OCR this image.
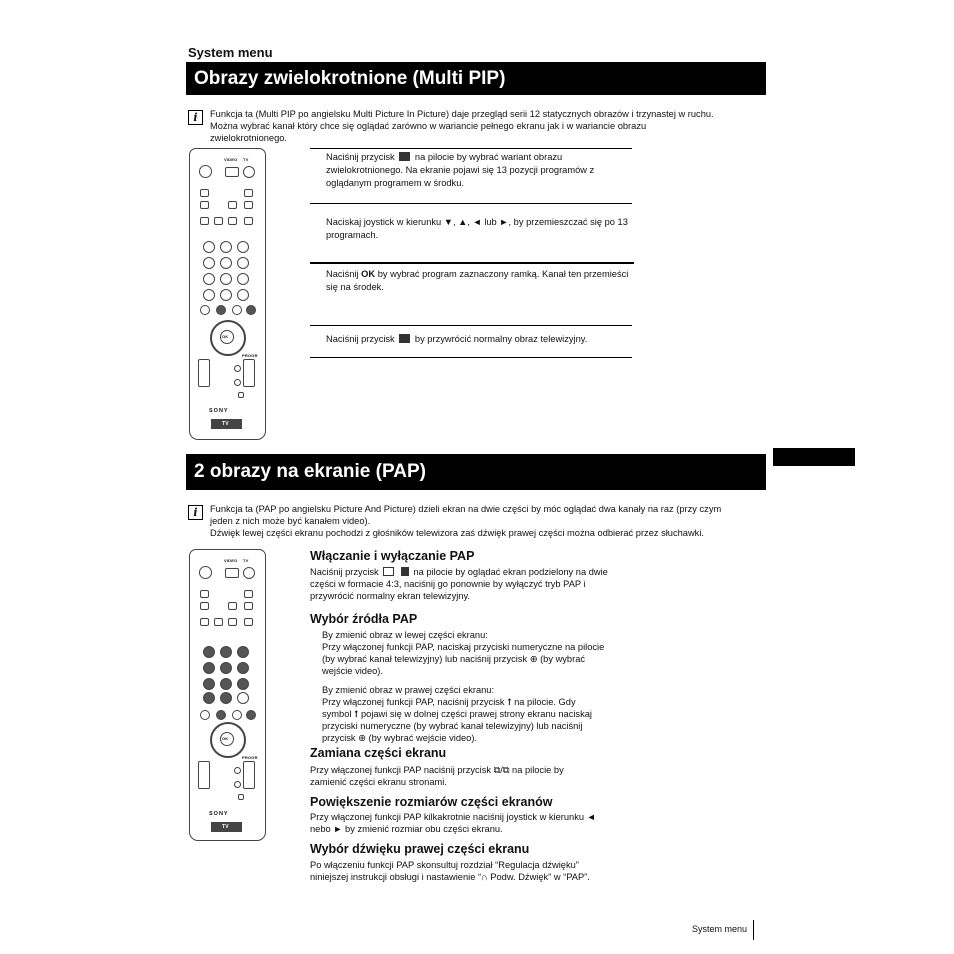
System menu
Obrazy zwielokrotnione (Multi PIP)
i	Funkcja ta (Multi PIP po angielsku Multi Picture In Picture) daje przegląd serii 12 statycznych obrazów i trzynastej w ruchu.

Można wybrać kanał który chce się oglądać zarówno w wariancie pełnego ekranu jak i w wariancie obrazu

zwielokrotnionego.

VIDEO TV
OK
PROGR
SONY
TV
Naciśnij przycisk na pilocie by wybrać wariant obrazu zwielokrotnionego. Na ekranie pojawi się 13 pozycji programów z oglądanym programem w środku.
Naciskaj joystick w kierunku ▼, ▲, ◄ lub ►, by przemieszczać się po 13 programach.
Naciśnij OK by wybrać program zaznaczony ramką. Kanał ten przemieści się na środek.
Naciśnij przycisk by przywrócić normalny obraz telewizyjny.
2 obrazy na ekranie (PAP)
i	Funkcja ta (PAP po angielsku Picture And Picture) dzieli ekran na dwie części by móc oglądać dwa kanały na raz (przy czym

jeden z nich może być kanałem video).

Dźwięk lewej części ekranu pochodzi z głośników telewizora zaś dźwięk prawej części można odbierać przez słuchawki.

VIDEO TV
OK
PROGR
SONY
TV
Włączanie i wyłączanie PAP

Naciśnij przycisk	na pilocie by oglądać ekran podzielony na dwie

części w formacie 4:3, naciśnij go ponownie by wyłączyć tryb PAP i

przywrócić normalny ekran telewizyjny.

Wybór źródła PAP

By zmienić obraz w lewej części ekranu:

Przy włączonej funkcji PAP, naciskaj przyciski numeryczne na pilocie

(by wybrać kanał telewizyjny) lub naciśnij przycisk ⊕ (by wybrać

wejście video).

By zmienić obraz w prawej części ekranu:

Przy włączonej funkcji PAP, naciśnij przycisk ⭡ na pilocie. Gdy

symbol ⭡ pojawi się w dolnej części prawej strony ekranu naciskaj

przyciski numeryczne (by wybrać kanał telewizyjny) lub naciśnij

przycisk ⊕ (by wybrać wejście video).

Zamiana części ekranu

Przy włączonej funkcji PAP naciśnij przycisk ⧉/⧉ na pilocie by

zamienić części ekranu stronami.

Powiększenie rozmiarów części ekranów

Przy włączonej funkcji PAP kilkakrotnie naciśnij joystick w kierunku ◄

nebo ► by zmienić rozmiar obu części ekranu.

Wybór dźwięku prawej części ekranu

Po włączeniu funkcji PAP skonsultuj rozdział “Regulacja dźwięku”

niniejszej instrukcji obsługi i nastawienie “∩ Podw. Dźwięk” w “PAP”.

System menu
